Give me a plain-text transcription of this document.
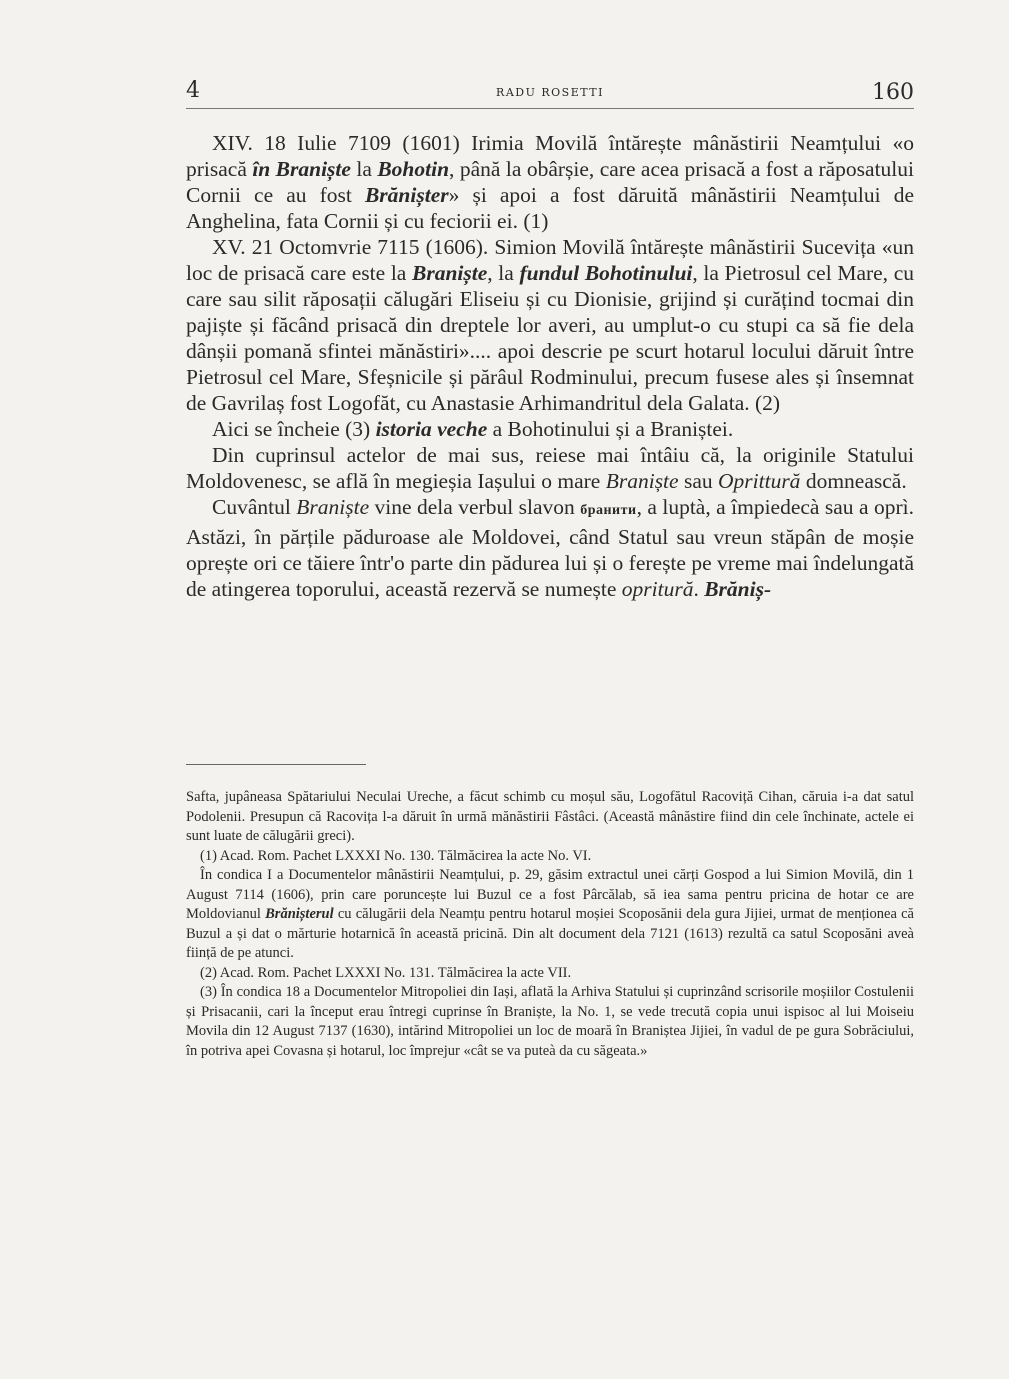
4	RADU ROSETTI	160

XIV. 18 Iulie 7109 (1601) Irimia Movilă întărește mânăstirii Neamțului «o prisacă în Braniște la Bohotin, până la obârșie, care acea prisacă a fost a răposatului Cornii ce au fost Brănișter» și apoi a fost dăruită mânăstirii Neamțului de Anghelina, fata Cornii și cu feciorii ei. (1)

XV. 21 Octomvrie 7115 (1606). Simion Movilă întărește mânăstirii Sucevița «un loc de prisacă care este la Braniște, la fundul Bohotinului, la Pietrosul cel Mare, cu care sau silit răposații călugări Eliseiu și cu Dionisie, grijind și curățind tocmai din pajiște și făcând prisacă din dreptele lor averi, au umplut-o cu stupi ca să fie dela dânșii pomană sfintei mănăstiri».... apoi descrie pe scurt hotarul locului dăruit între Pietrosul cel Mare, Sfeșnicile și părâul Rodminului, precum fusese ales și însemnat de Gavrilaș fost Logofăt, cu Anastasie Arhimandritul dela Galata. (2)

Aici se încheie (3) istoria veche a Bohotinului și a Braniștei.

Din cuprinsul actelor de mai sus, reiese mai întâiu că, la originile Statului Moldovenesc, se află în megieșia Iașului o mare Braniște sau Oprittură domnească.

Cuvântul Braniște vine dela verbul slavon бранити, a luptà, a împiedecà sau a oprì. Astăzi, în părțile păduroase ale Moldovei, când Statul sau vreun stăpân de moșie oprește ori ce tăiere într'o parte din pădurea lui și o ferește pe vreme mai îndelungată de atingerea toporului, această rezervă se numește opritură. Brăniș-

Safta, jupâneasa Spătariului Neculai Ureche, a făcut schimb cu moșul său, Logofătul Racoviță Cihan, căruia i-a dat satul Podolenii. Presupun că Racovița l-a dăruit în urmă mănăstirii Fâstâci. (Această mânăstire fiind din cele închinate, actele ei sunt luate de călugării greci).

(1) Acad. Rom. Pachet LXXXI No. 130. Tălmăcirea la acte No. VI.

În condica I a Documentelor mânăstirii Neamțului, p. 29, găsim extractul unei cărți Gospod a lui Simion Movilă, din 1 August 7114 (1606), prin care poruncește lui Buzul ce a fost Pârcălab, să iea sama pentru pricina de hotar ce are Moldovianul Brănișterul cu călugării dela Neamțu pentru hotarul moșiei Scoposănii dela gura Jijiei, urmat de menționea că Buzul a și dat o mărturie hotarnică în această pricină. Din alt document dela 7121 (1613) rezultă ca satul Scoposăni aveà ființă de pe atunci.

(2) Acad. Rom. Pachet LXXXI No. 131. Tălmăcirea la acte VII.

(3) În condica 18 a Documentelor Mitropoliei din Iași, aflată la Arhiva Statului și cuprinzând scrisorile moșiilor Costulenii și Prisacanii, cari la început erau întregi cuprinse în Braniște, la No. 1, se vede trecută copia unui ispisoc al lui Moiseiu Movila din 12 August 7137 (1630), intărind Mitropoliei un loc de moară în Braniștea Jijiei, în vadul de pe gura Sobrăciului, în potriva apei Covasna și hotarul, loc împrejur «cât se va puteà da cu săgeata.»
